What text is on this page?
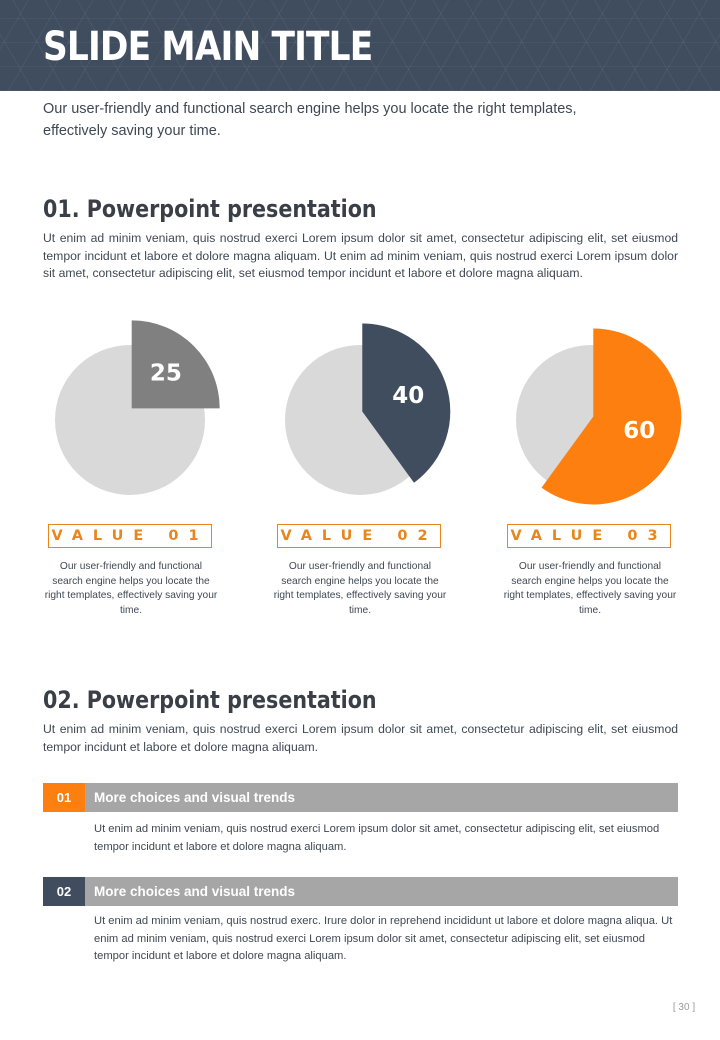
SLIDE MAIN TITLE
Our user-friendly and functional search engine helps you locate the right templates, effectively saving your time.
01. Powerpoint presentation
Ut enim ad minim veniam, quis nostrud exerci Lorem ipsum dolor sit amet, consectetur adipiscing elit, set eiusmod tempor incidunt et labore et dolore magna aliquam. Ut enim ad minim veniam, quis nostrud exerci Lorem ipsum dolor sit amet, consectetur adipiscing elit, set eiusmod tempor incidunt et labore et dolore magna aliquam.
25
VALUE 01
Our user-friendly and functional search engine helps you locate the right templates, effectively saving your time.
40
VALUE 02
Our user-friendly and functional search engine helps you locate the right templates, effectively saving your time.
60
VALUE 03
Our user-friendly and functional search engine helps you locate the right templates, effectively saving your time.
02. Powerpoint presentation
Ut enim ad minim veniam, quis nostrud exerci Lorem ipsum dolor sit amet, consectetur adipiscing elit, set eiusmod tempor incidunt et labore et dolore magna aliquam.
01	More choices and visual trends
Ut enim ad minim veniam, quis nostrud exerci Lorem ipsum dolor sit amet, consectetur adipiscing elit, set eiusmod tempor incidunt et labore et dolore magna aliquam.
02	More choices and visual trends
Ut enim ad minim veniam, quis nostrud exerc. Irure dolor in reprehend incididunt ut labore et dolore magna aliqua. Ut enim ad minim veniam, quis nostrud exerci Lorem ipsum dolor sit amet, consectetur adipiscing elit, set eiusmod tempor incidunt et labore et dolore magna aliquam.
[ 30 ]
